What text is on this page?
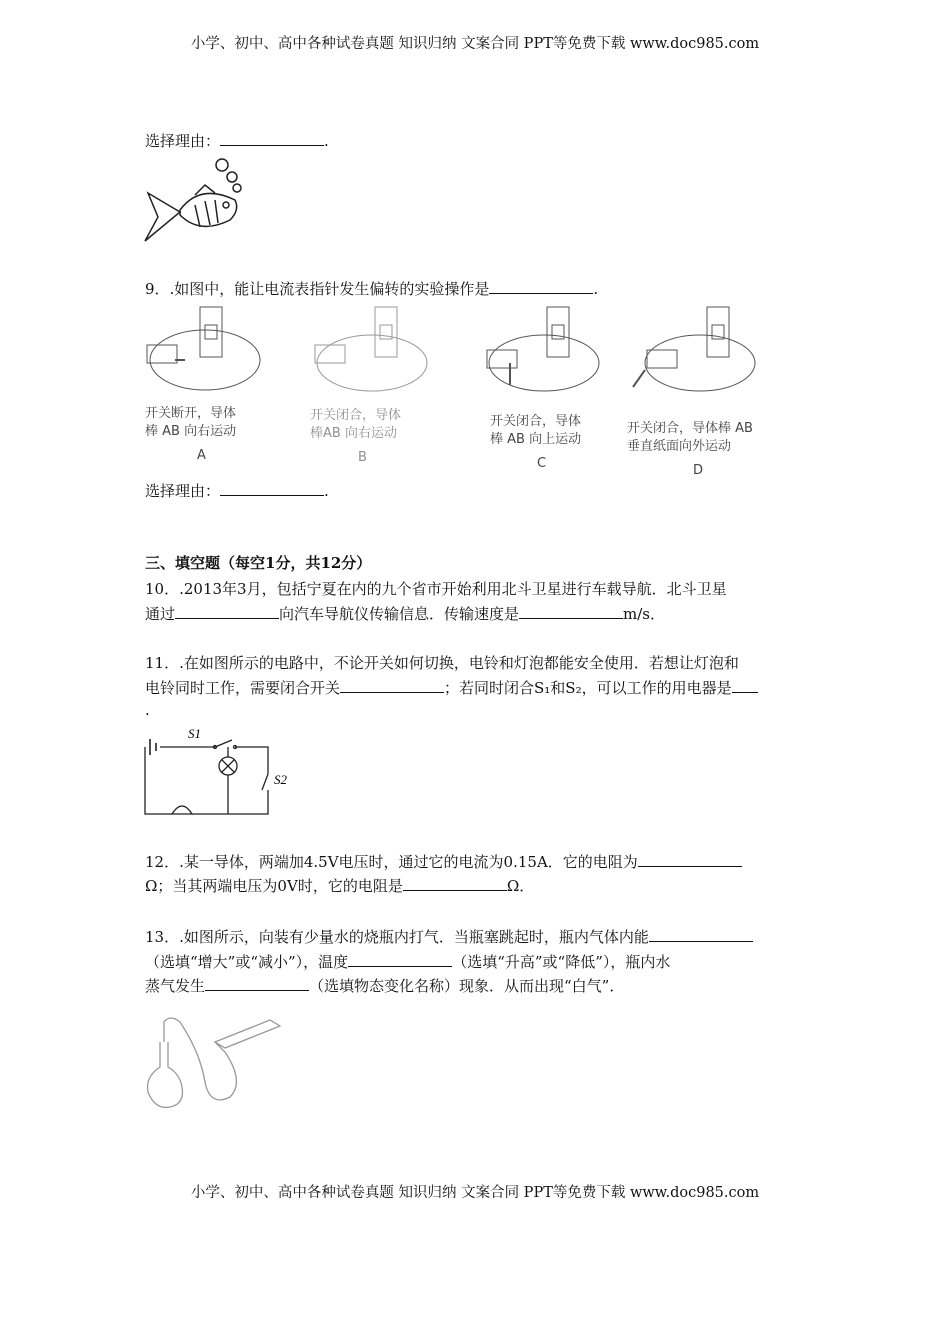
小学、初中、高中各种试卷真题 知识归纳 文案合同 PPT等免费下载 www.doc985.com
选择理由：	.
9．.如图中，能让电流表指针发生偏转的实验操作是	.
开关断开，导体
棒 AB 向右运动
A
开关闭合，导体
棒AB 向右运动
B
开关闭合，导体
棒 AB 向上运动
C
开关闭合，导体棒 AB
垂直纸面向外运动
D
选择理由：	.
三、填空题（每空1分，共12分）
10．.2013年3月，包括宁夏在内的九个省市开始利用北斗卫星进行车载导航．北斗卫星
通过	向汽车导航仪传输信息．传输速度是	m/s．
11．.在如图所示的电路中，不论开关如何切换，电铃和灯泡都能安全使用．若想让灯泡和
电铃同时工作，需要闭合开关	；若同时闭合S₁和S₂，可以工作的用电器是
.
S1
S2
12．.某一导体，两端加4.5V电压时，通过它的电流为0.15A．它的电阻为
Ω；当其两端电压为0V时，它的电阻是	Ω．
13．.如图所示，向装有少量水的烧瓶内打气．当瓶塞跳起时，瓶内气体内能
（选填“增大”或“减小”），温度	（选填“升高”或“降低”），瓶内水
蒸气发生	（选填物态变化名称）现象．从而出现“白气”．
小学、初中、高中各种试卷真题 知识归纳 文案合同 PPT等免费下载 www.doc985.com
